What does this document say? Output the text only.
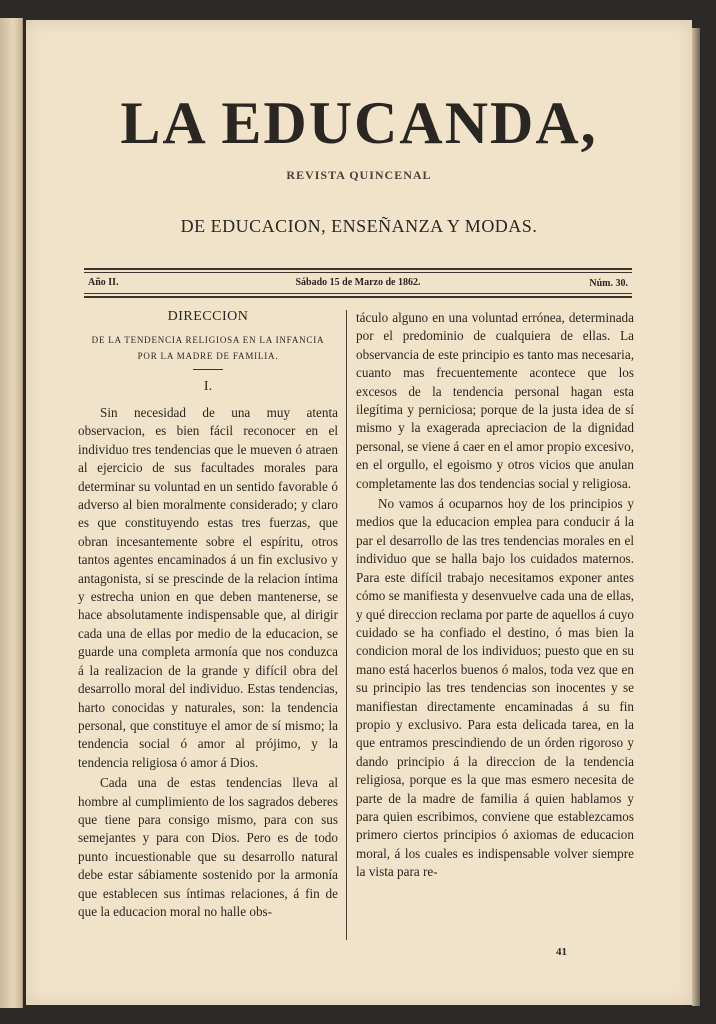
LA EDUCANDA,
REVISTA QUINCENAL
DE EDUCACION, ENSEÑANZA Y MODAS.
Año II.	Sábado 15 de Marzo de 1862.	Núm. 30.
DIRECCION
DE LA TENDENCIA RELIGIOSA EN LA INFANCIA POR LA MADRE DE FAMILIA.
I.

Sin necesidad de una muy atenta observacion, es bien fácil reconocer en el individuo tres tendencias que le mueven ó atraen al ejercicio de sus facultades morales para determinar su voluntad en un sentido favorable ó adverso al bien moralmente considerado; y claro es que constituyendo estas tres fuerzas, que obran incesantemente sobre el espíritu, otros tantos agentes encaminados á un fin exclusivo y antagonista, si se prescinde de la relacion íntima y estrecha union en que deben mantenerse, se hace absolutamente indispensable que, al dirigir cada una de ellas por medio de la educacion, se guarde una completa armonía que nos conduzca á la realizacion de la grande y difícil obra del desarrollo moral del individuo. Estas tendencias, harto conocidas y naturales, son: la tendencia personal, que constituye el amor de sí mismo; la tendencia social ó amor al prójimo, y la tendencia religiosa ó amor á Dios.

Cada una de estas tendencias lleva al hombre al cumplimiento de los sagrados deberes que tiene para consigo mismo, para con sus semejantes y para con Dios. Pero es de todo punto incuestionable que su desarrollo natural debe estar sábiamente sostenido por la armonía que establecen sus íntimas relaciones, á fin de que la educacion moral no halle obs-

táculo alguno en una voluntad errónea, determinada por el predominio de cualquiera de ellas. La observancia de este principio es tanto mas necesaria, cuanto mas frecuentemente acontece que los excesos de la tendencia personal hagan esta ilegítima y perniciosa; porque de la justa idea de sí mismo y la exagerada apreciacion de la dignidad personal, se viene á caer en el amor propio excesivo, en el orgullo, el egoismo y otros vicios que anulan completamente las dos tendencias social y religiosa.

No vamos á ocuparnos hoy de los principios y medios que la educacion emplea para conducir á la par el desarrollo de las tres tendencias morales en el individuo que se halla bajo los cuidados maternos. Para este difícil trabajo necesitamos exponer antes cómo se manifiesta y desenvuelve cada una de ellas, y qué direccion reclama por parte de aquellos á cuyo cuidado se ha confiado el destino, ó mas bien la condicion moral de los individuos; puesto que en su mano está hacerlos buenos ó malos, toda vez que en su principio las tres tendencias son inocentes y se manifiestan directamente encaminadas á su fin propio y exclusivo. Para esta delicada tarea, en la que entramos prescindiendo de un órden rigoroso y dando principio á la direccion de la tendencia religiosa, porque es la que mas esmero necesita de parte de la madre de familia á quien hablamos y para quien escribimos, conviene que establezcamos primero ciertos principios ó axiomas de educacion moral, á los cuales es indispensable volver siempre la vista para re-

41
